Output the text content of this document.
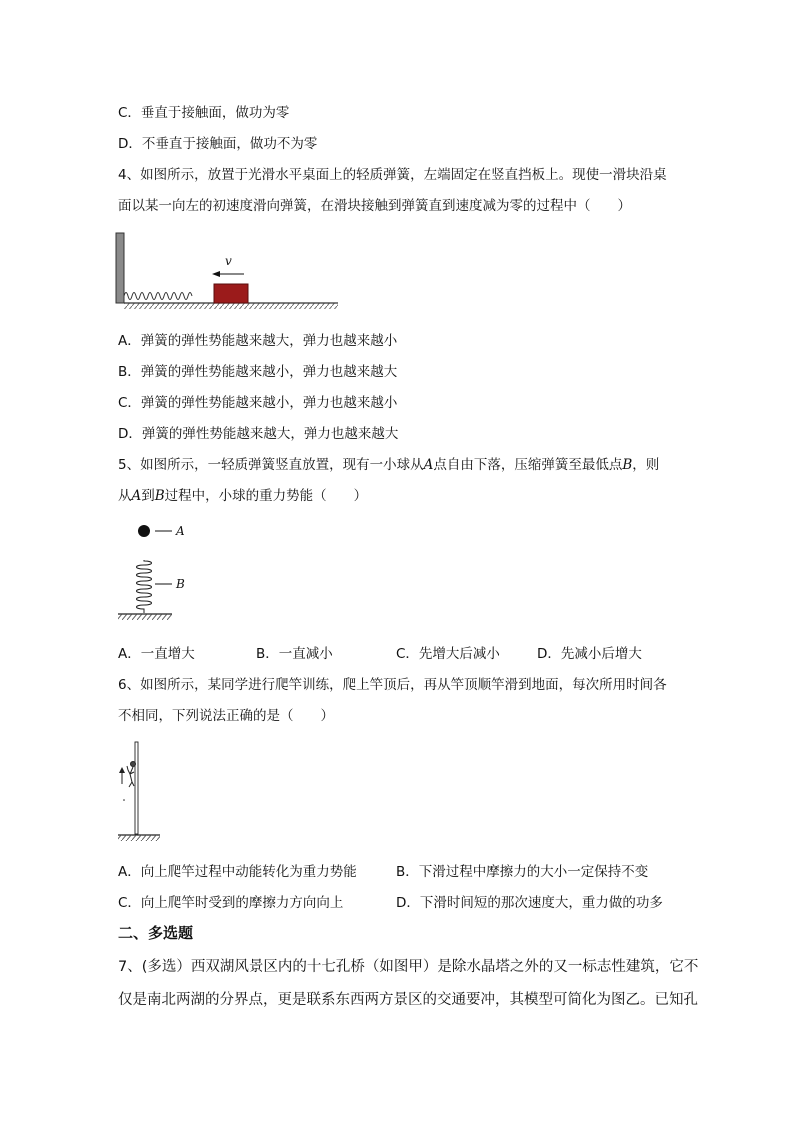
C．垂直于接触面，做功为零
D．不垂直于接触面，做功不为零
4、如图所示，放置于光滑水平桌面上的轻质弹簧，左端固定在竖直挡板上。现使一滑块沿桌
面以某一向左的初速度滑向弹簧，在滑块接触到弹簧直到速度减为零的过程中（　　）
v
A．弹簧的弹性势能越来越大，弹力也越来越小
B．弹簧的弹性势能越来越小，弹力也越来越大
C．弹簧的弹性势能越来越小，弹力也越来越小
D．弹簧的弹性势能越来越大，弹力也越来越大
5、如图所示，一轻质弹簧竖直放置，现有一小球从A点自由下落，压缩弹簧至最低点B，则
从A到B过程中，小球的重力势能（　　）
A
B
A．一直增大	B．一直减小	C．先增大后减小	D．先减小后增大
6、如图所示，某同学进行爬竿训练，爬上竿顶后，再从竿顶顺竿滑到地面，每次所用时间各
不相同，下列说法正确的是（　　）
A．向上爬竿过程中动能转化为重力势能	B．下滑过程中摩擦力的大小一定保持不变
C．向上爬竿时受到的摩擦力方向向上	D．下滑时间短的那次速度大，重力做的功多
二、多选题
7、(多选）西双湖风景区内的十七孔桥（如图甲）是除水晶塔之外的又一标志性建筑，它不
仅是南北两湖的分界点，更是联系东西两方景区的交通要冲，其模型可简化为图乙。已知孔
